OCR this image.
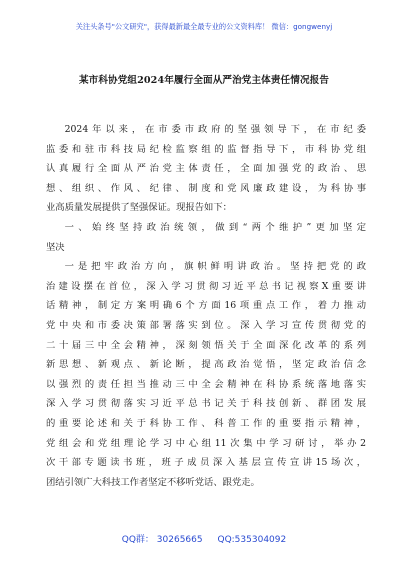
关注头条号"公文研究"，获得最新最全最专业的公文资料库！ 微信：gongwenyj
某市科协党组2024年履行全面从严治党主体责任情况报告
2024年以来，在市委市政府的坚强领导下，在市纪委
监委和驻市科技局纪检监察组的监督指导下，市科协党组
认真履行全面从严治党主体责任，全面加强党的政治、思
想、组织、作风、纪律、制度和党风廉政建设，为科协事
业高质量发展提供了坚强保证。现报告如下：
一、始终坚持政治统领，做到“两个维护”更加坚定
坚决
一是把牢政治方向，旗帜鲜明讲政治。坚持把党的政
治建设摆在首位，深入学习贯彻习近平总书记视察X重要讲
话精神，制定方案明确6个方面16项重点工作，着力推动
党中央和市委决策部署落实到位。深入学习宣传贯彻党的
二十届三中全会精神，深刻领悟关于全面深化改革的系列
新思想、新观点、新论断，提高政治觉悟，坚定政治信念
以强烈的责任担当推动三中全会精神在科协系统落地落实
深入学习贯彻落实习近平总书记关于科技创新、群团发展
的重要论述和关于科协工作、科普工作的重要指示精神，
党组会和党组理论学习中心组11次集中学习研讨，举办2
次干部专题读书班，班子成员深入基层宣传宣讲15场次，
团结引领广大科技工作者坚定不移听党话、跟党走。
QQ群： 30265665 QQ:535304092
